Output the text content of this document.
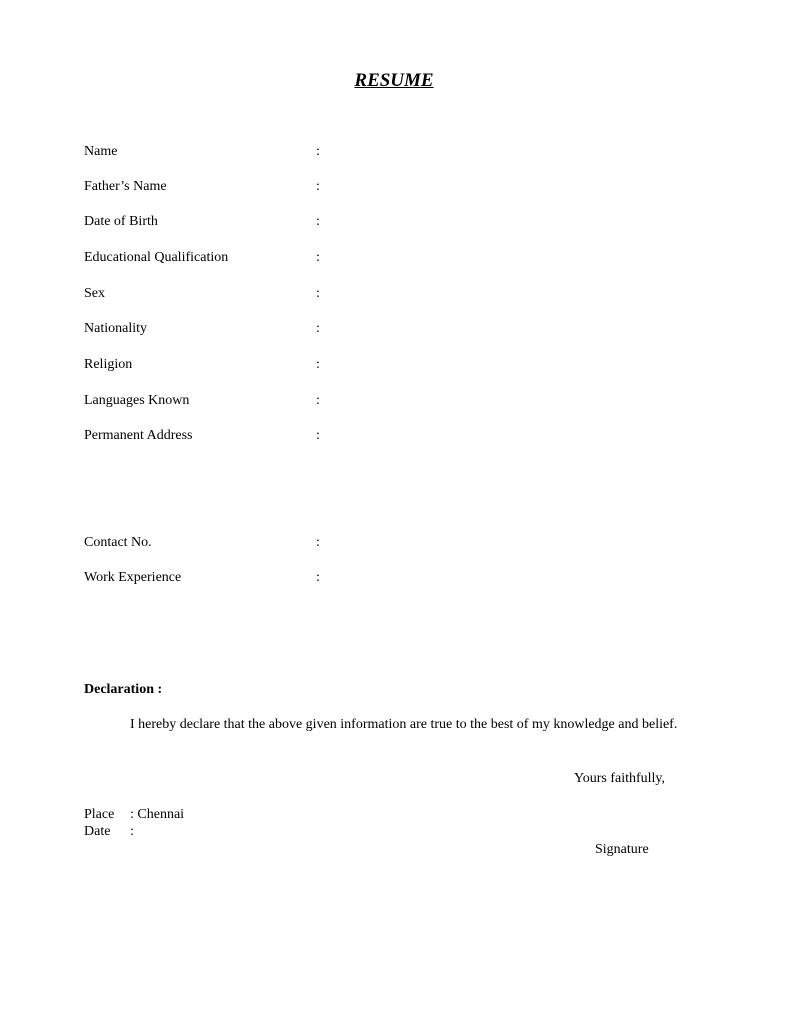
RESUME
Name	:
Father’s Name	:
Date of Birth	:
Educational Qualification	:
Sex	:
Nationality	:
Religion	:
Languages Known	:
Permanent Address	:
Contact No.	:
Work Experience	:
Declaration :
I hereby declare that the above given information are true to the best of my knowledge and belief.
Yours faithfully,
Place : Chennai
Date :
Signature
